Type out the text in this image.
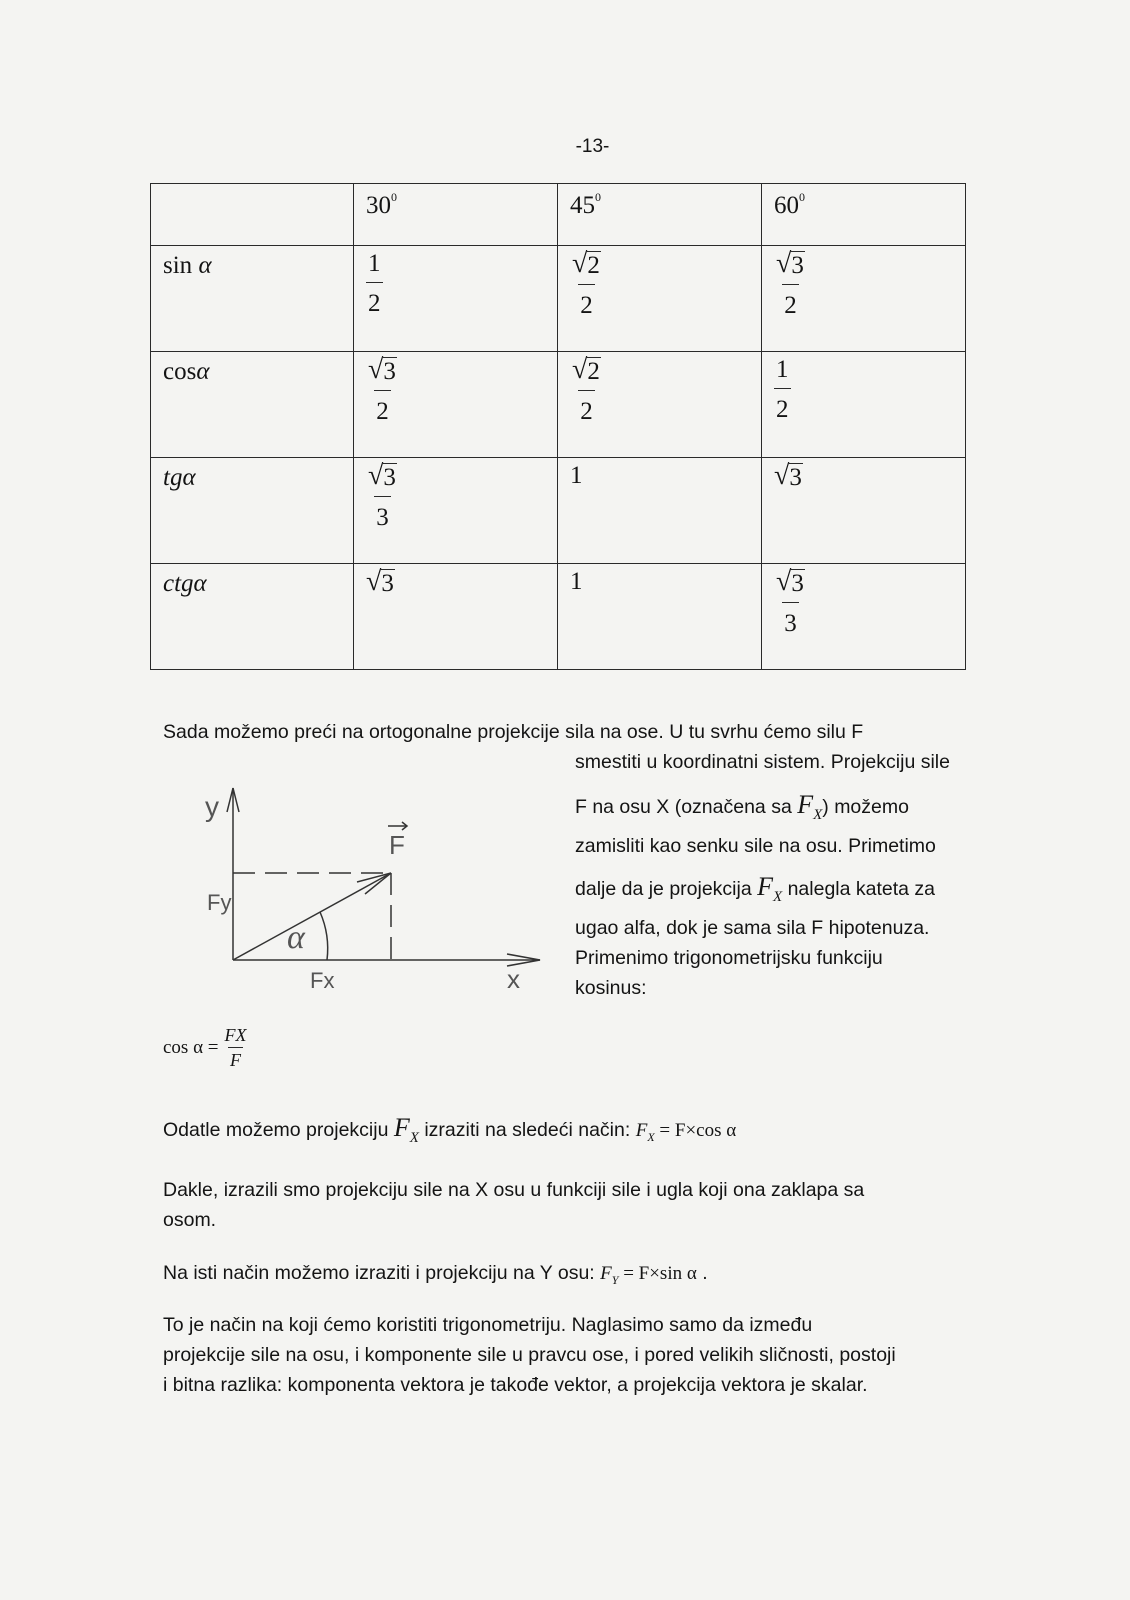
-13-
	$30^0$	$45^0$	$60^0$
sin α	$\frac{1}{2}$	$\frac{√ 2}{2}$	$\frac{√ 3}{2}$

cosα	$\frac{√ 3}{2}$	$\frac{√ 2}{2}$	$\frac{1}{2}$

tgα	$\frac{√ 3}{3}$	1	√ 3

ctgα	√ 3	1	$\frac{√ 3}{3}$
Sada možemo preći na ortogonalne projekcije sila na ose. U tu svrhu ćemo silu F
smestiti u koordinatni sistem. Projekciju sile
F na osu X (označena sa $F_X$) možemo
zamisliti kao senku sile na osu. Primetimo
dalje da je projekcija $F_X$ nalegla kateta za
ugao alfa, dok je sama sila F hipotenuza.
Primenimo trigonometrijsku funkciju
kosinus:
y
x
F
Fy
Fx
α
$\cos \alpha = \frac{FX}{F}$
Odatle možemo projekciju $F_X$ izraziti na sledeći način: $F_X = F\times\cos$ α
Dakle, izrazili smo projekciju sile na X osu u funkciji sile i ugla koji ona zaklapa sa
osom.
Na isti način možemo izraziti i projekciju na Y osu: $F_Y = F\times\sin$ α .
To je način na koji ćemo koristiti trigonometriju. Naglasimo samo da između
projekcije sile na osu, i komponente sile u pravcu ose, i pored velikih sličnosti, postoji
i bitna razlika: komponenta vektora je takođe vektor, a projekcija vektora je skalar.
